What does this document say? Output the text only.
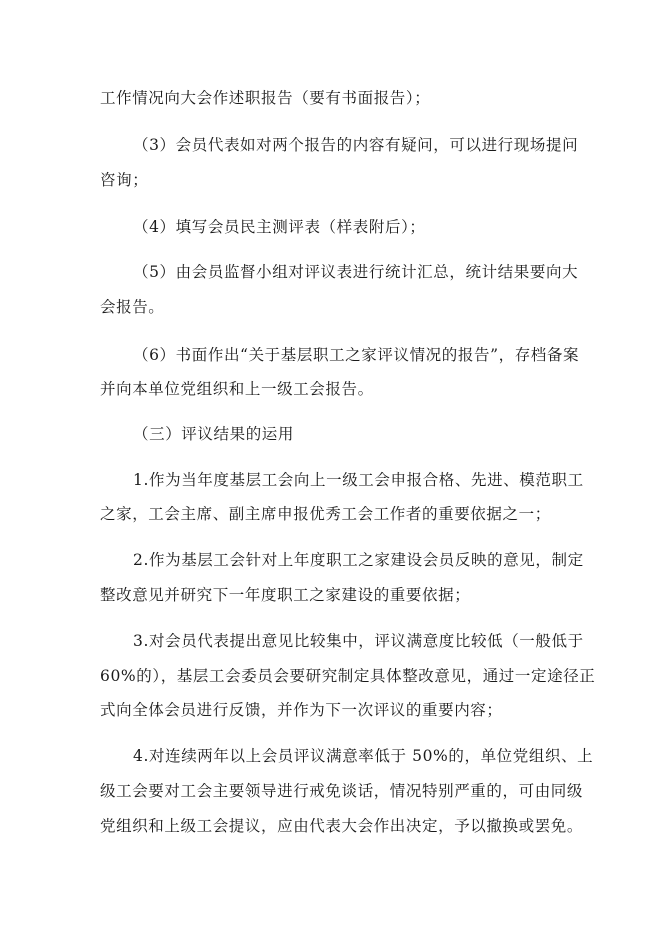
工作情况向大会作述职报告（要有书面报告）；
（3）会员代表如对两个报告的内容有疑问，可以进行现场提问
咨询；
（4）填写会员民主测评表（样表附后）；
（5）由会员监督小组对评议表进行统计汇总，统计结果要向大
会报告。
（6）书面作出“关于基层职工之家评议情况的报告”，存档备案
并向本单位党组织和上一级工会报告。
（三）评议结果的运用
1.作为当年度基层工会向上一级工会申报合格、先进、模范职工
之家，工会主席、副主席申报优秀工会工作者的重要依据之一；
2.作为基层工会针对上年度职工之家建设会员反映的意见，制定
整改意见并研究下一年度职工之家建设的重要依据；
3.对会员代表提出意见比较集中，评议满意度比较低（一般低于
60%的），基层工会委员会要研究制定具体整改意见，通过一定途径正
式向全体会员进行反馈，并作为下一次评议的重要内容；
4.对连续两年以上会员评议满意率低于 50%的，单位党组织、上
级工会要对工会主要领导进行戒免谈话，情况特别严重的，可由同级
党组织和上级工会提议，应由代表大会作出决定，予以撤换或罢免。
